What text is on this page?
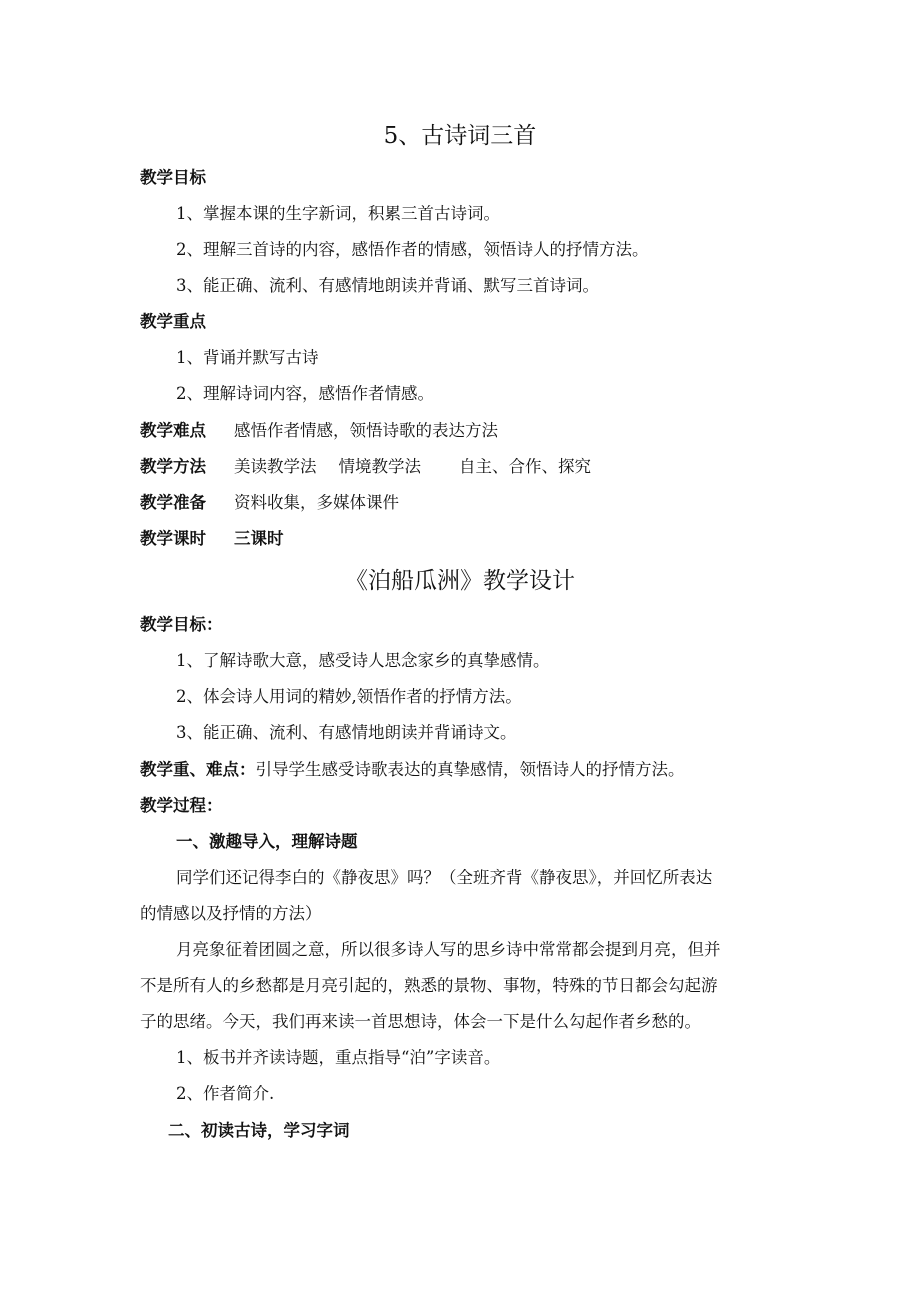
5、古诗词三首
教学目标
1、掌握本课的生字新词，积累三首古诗词。
2、理解三首诗的内容，感悟作者的情感，领悟诗人的抒情方法。
3、能正确、流利、有感情地朗读并背诵、默写三首诗词。
教学重点
1、背诵并默写古诗
2、理解诗词内容，感悟作者情感。
教学难点 感悟作者情感，领悟诗歌的表达方法
教学方法 美读教学法 情境教学法 自主、合作、探究
教学准备 资料收集，多媒体课件
教学课时 三课时
《泊船瓜洲》教学设计
教学目标：
1、了解诗歌大意，感受诗人思念家乡的真挚感情。
2、体会诗人用词的精妙,领悟作者的抒情方法。
3、能正确、流利、有感情地朗读并背诵诗文。
教学重、难点：引导学生感受诗歌表达的真挚感情，领悟诗人的抒情方法。
教学过程：
一、激趣导入，理解诗题
同学们还记得李白的《静夜思》吗？（全班齐背《静夜思》，并回忆所表达
的情感以及抒情的方法）
月亮象征着团圆之意，所以很多诗人写的思乡诗中常常都会提到月亮，但并
不是所有人的乡愁都是月亮引起的，熟悉的景物、事物，特殊的节日都会勾起游
子的思绪。今天，我们再来读一首思想诗，体会一下是什么勾起作者乡愁的。
1、板书并齐读诗题，重点指导“泊”字读音。
2、作者简介.
二、初读古诗，学习字词
